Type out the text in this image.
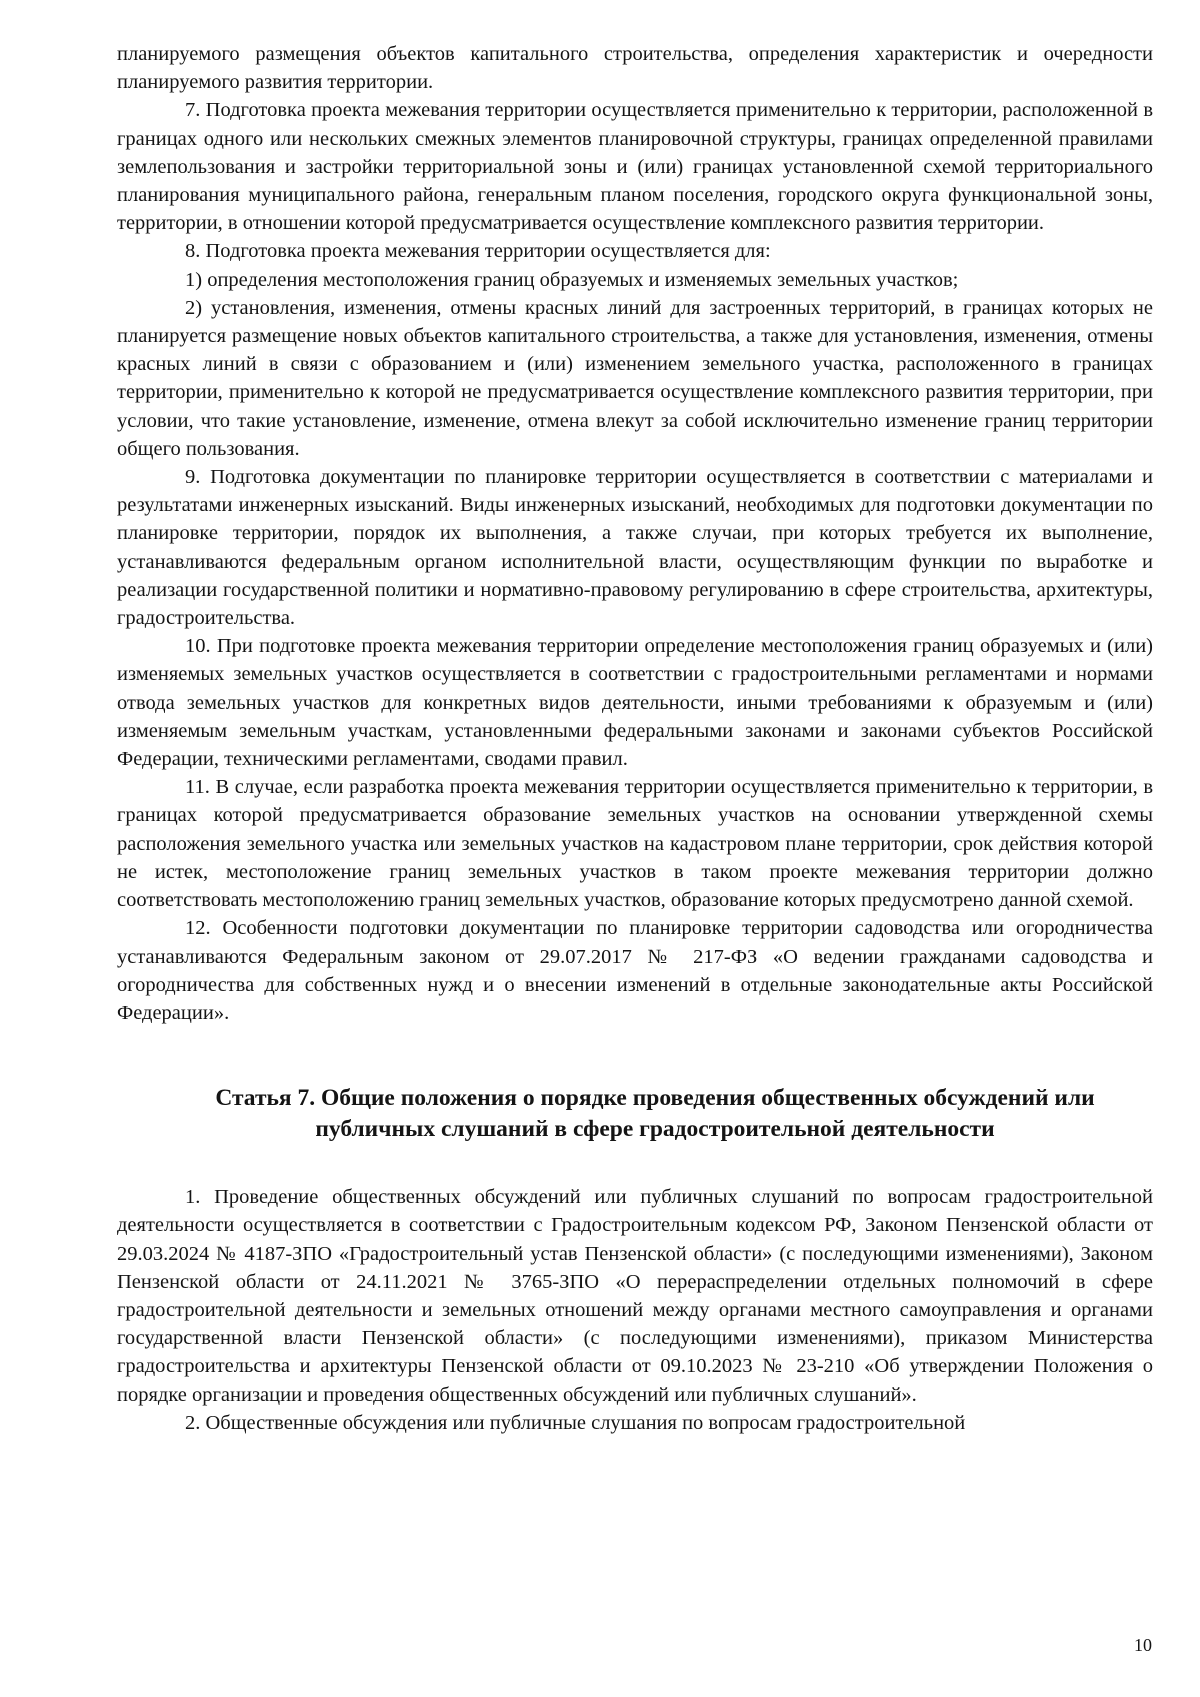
планируемого размещения объектов капитального строительства, определения характеристик и очередности планируемого развития территории.

7. Подготовка проекта межевания территории осуществляется применительно к территории, расположенной в границах одного или нескольких смежных элементов планировочной структуры, границах определенной правилами землепользования и застройки территориальной зоны и (или) границах установленной схемой территориального планирования муниципального района, генеральным планом поселения, городского округа функциональной зоны, территории, в отношении которой предусматривается осуществление комплексного развития территории.

8. Подготовка проекта межевания территории осуществляется для:

1) определения местоположения границ образуемых и изменяемых земельных участков;

2) установления, изменения, отмены красных линий для застроенных территорий, в границах которых не планируется размещение новых объектов капитального строительства, а также для установления, изменения, отмены красных линий в связи с образованием и (или) изменением земельного участка, расположенного в границах территории, применительно к которой не предусматривается осуществление комплексного развития территории, при условии, что такие установление, изменение, отмена влекут за собой исключительно изменение границ территории общего пользования.

9. Подготовка документации по планировке территории осуществляется в соответствии с материалами и результатами инженерных изысканий. Виды инженерных изысканий, необходимых для подготовки документации по планировке территории, порядок их выполнения, а также случаи, при которых требуется их выполнение, устанавливаются федеральным органом исполнительной власти, осуществляющим функции по выработке и реализации государственной политики и нормативно-правовому регулированию в сфере строительства, архитектуры, градостроительства.

10. При подготовке проекта межевания территории определение местоположения границ образуемых и (или) изменяемых земельных участков осуществляется в соответствии с градостроительными регламентами и нормами отвода земельных участков для конкретных видов деятельности, иными требованиями к образуемым и (или) изменяемым земельным участкам, установленными федеральными законами и законами субъектов Российской Федерации, техническими регламентами, сводами правил.

11. В случае, если разработка проекта межевания территории осуществляется применительно к территории, в границах которой предусматривается образование земельных участков на основании утвержденной схемы расположения земельного участка или земельных участков на кадастровом плане территории, срок действия которой не истек, местоположение границ земельных участков в таком проекте межевания территории должно соответствовать местоположению границ земельных участков, образование которых предусмотрено данной схемой.

12. Особенности подготовки документации по планировке территории садоводства или огородничества устанавливаются Федеральным законом от 29.07.2017 № 217-ФЗ «О ведении гражданами садоводства и огородничества для собственных нужд и о внесении изменений в отдельные законодательные акты Российской Федерации».

Статья 7. Общие положения о порядке проведения общественных обсуждений или
публичных слушаний в сфере градостроительной деятельности

1. Проведение общественных обсуждений или публичных слушаний по вопросам градостроительной деятельности осуществляется в соответствии с Градостроительным кодексом РФ, Законом Пензенской области от 29.03.2024 № 4187-ЗПО «Градостроительный устав Пензенской области» (с последующими изменениями), Законом Пензенской области от 24.11.2021 № 3765-ЗПО «О перераспределении отдельных полномочий в сфере градостроительной деятельности и земельных отношений между органами местного самоуправления и органами государственной власти Пензенской области» (с последующими изменениями), приказом Министерства градостроительства и архитектуры Пензенской области от 09.10.2023 № 23-210 «Об утверждении Положения о порядке организации и проведения общественных обсуждений или публичных слушаний».

2. Общественные обсуждения или публичные слушания по вопросам градостроительной

10
